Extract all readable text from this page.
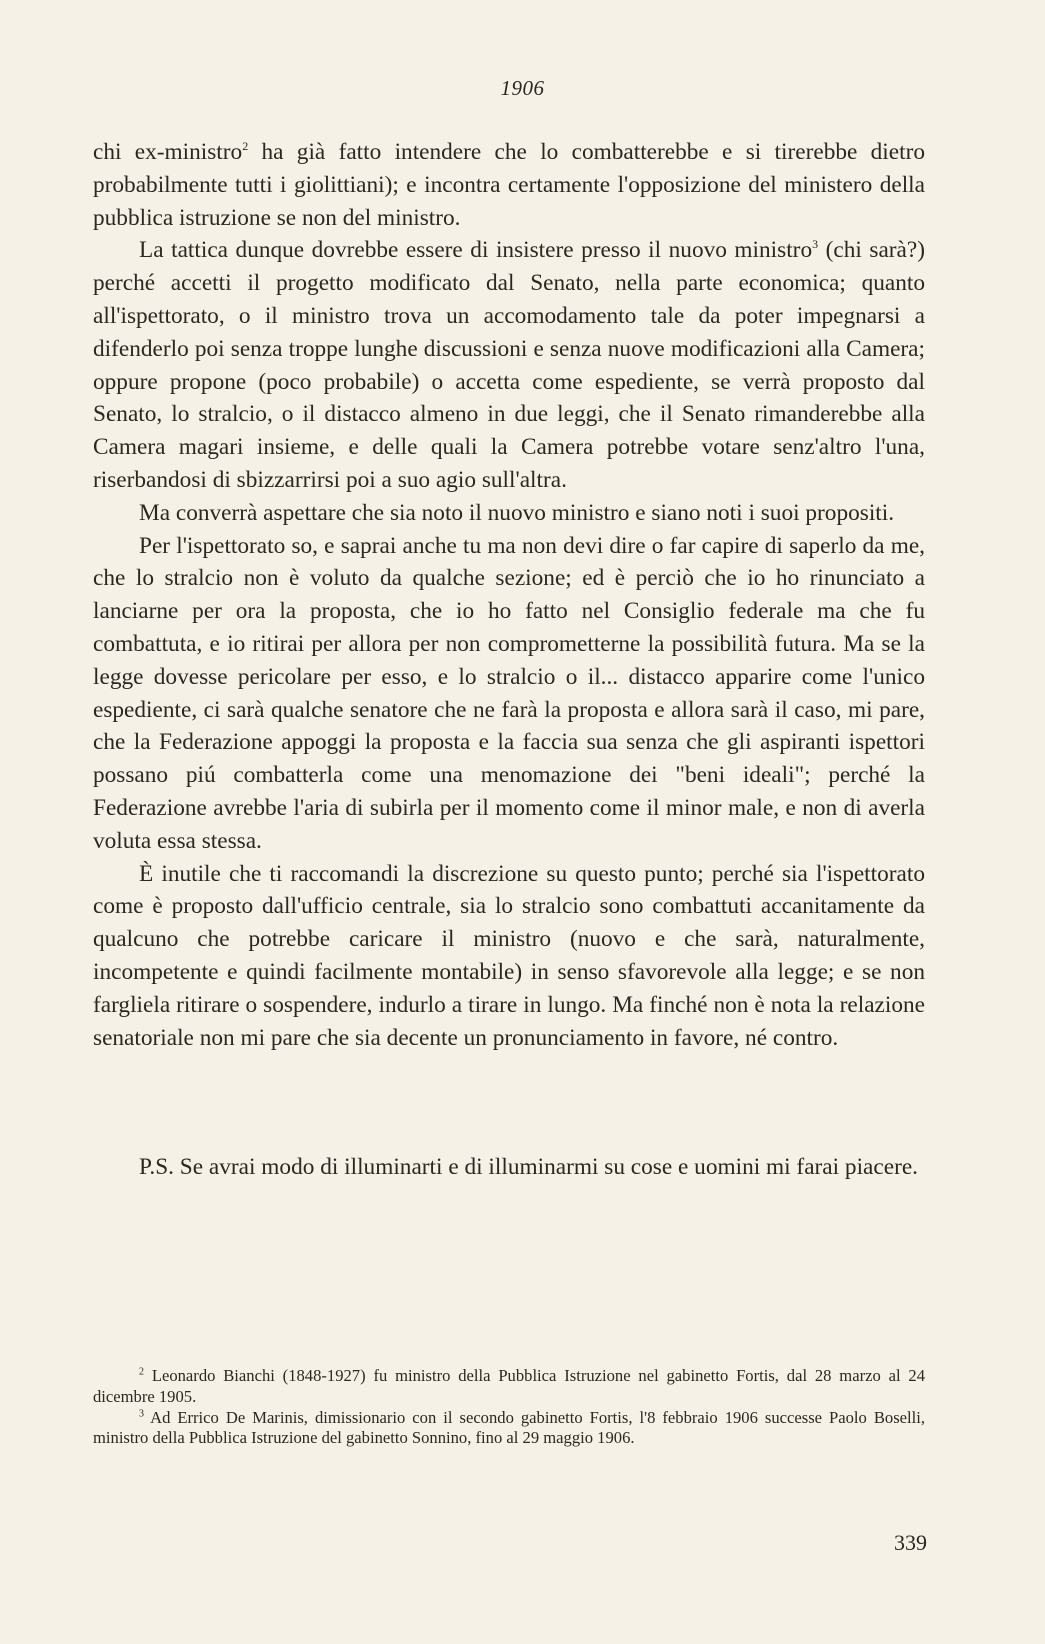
1906

chi ex-ministro$^2$ ha già fatto intendere che lo combatterebbe e si tirerebbe dietro probabilmente tutti i giolittiani); e incontra certamente l'opposizione del ministero della pubblica istruzione se non del ministro.

La tattica dunque dovrebbe essere di insistere presso il nuovo ministro$^3$ (chi sarà?) perché accetti il progetto modificato dal Senato, nella parte economica; quanto all'ispettorato, o il ministro trova un accomodamento tale da poter impegnarsi a difenderlo poi senza troppe lunghe discussioni e senza nuove modificazioni alla Camera; oppure propone (poco probabile) o accetta come espediente, se verrà proposto dal Senato, lo stralcio, o il distacco almeno in due leggi, che il Senato rimanderebbe alla Camera magari insieme, e delle quali la Camera potrebbe votare senz'altro l'una, riserbandosi di sbizzarrirsi poi a suo agio sull'altra.

Ma converrà aspettare che sia noto il nuovo ministro e siano noti i suoi propositi.

Per l'ispettorato so, e saprai anche tu ma non devi dire o far capire di saperlo da me, che lo stralcio non è voluto da qualche sezione; ed è perciò che io ho rinunciato a lanciarne per ora la proposta, che io ho fatto nel Consiglio federale ma che fu combattuta, e io ritirai per allora per non comprometterne la possibilità futura. Ma se la legge dovesse pericolare per esso, e lo stralcio o il... distacco apparire come l'unico espediente, ci sarà qualche senatore che ne farà la proposta e allora sarà il caso, mi pare, che la Federazione appoggi la proposta e la faccia sua senza che gli aspiranti ispettori possano piú combatterla come una menomazione dei "beni ideali"; perché la Federazione avrebbe l'aria di subirla per il momento come il minor male, e non di averla voluta essa stessa.

È inutile che ti raccomandi la discrezione su questo punto; perché sia l'ispettorato come è proposto dall'ufficio centrale, sia lo stralcio sono combattuti accanitamente da qualcuno che potrebbe caricare il ministro (nuovo e che sarà, naturalmente, incompetente e quindi facilmente montabile) in senso sfavorevole alla legge; e se non fargliela ritirare o sospendere, indurlo a tirare in lungo. Ma finché non è nota la relazione senatoriale non mi pare che sia decente un pronunciamento in favore, né contro.

P.S. Se avrai modo di illuminarti e di illuminarmi su cose e uomini mi farai piacere.

$^2$ Leonardo Bianchi (1848-1927) fu ministro della Pubblica Istruzione nel gabinetto Fortis, dal 28 marzo al 24 dicembre 1905.

$^3$ Ad Errico De Marinis, dimissionario con il secondo gabinetto Fortis, l'8 febbraio 1906 successe Paolo Boselli, ministro della Pubblica Istruzione del gabinetto Sonnino, fino al 29 maggio 1906.

339
